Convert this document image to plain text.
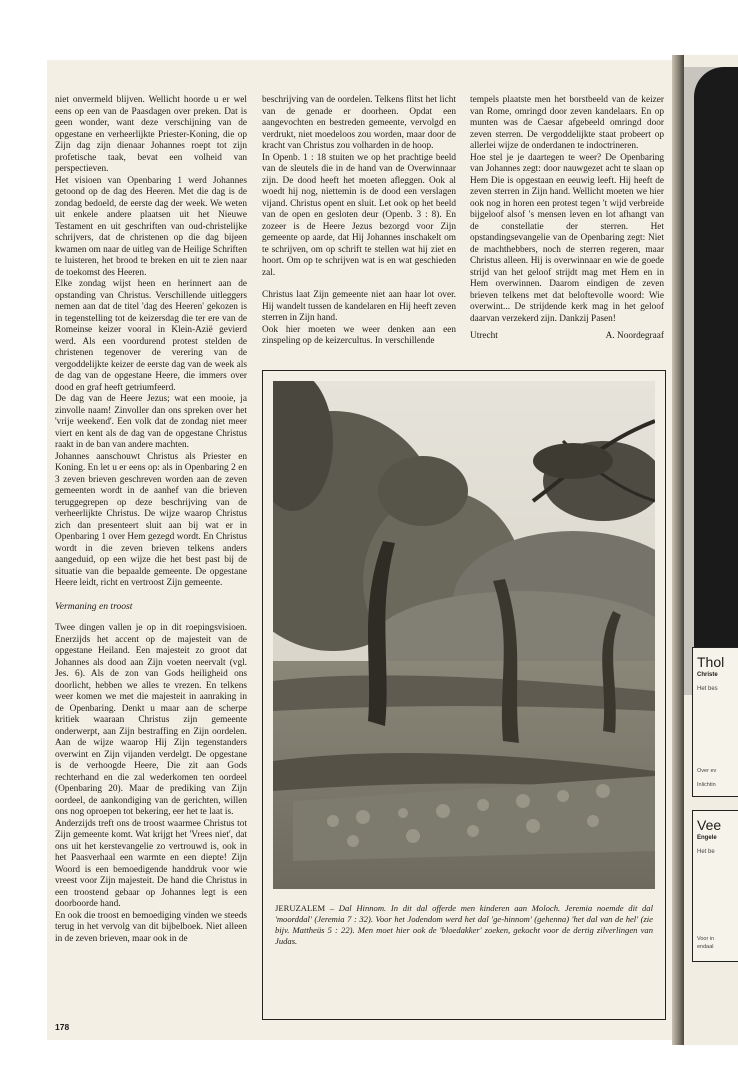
niet onvermeld blijven. Wellicht hoorde u er wel eens op een van de Paasdagen over preken. Dat is geen wonder, want deze verschijning van de opgestane en verheerlijkte Priester-Koning, die op Zijn dag zijn dienaar Johannes roept tot zijn profetische taak, bevat een volheid van perspectieven.

Het visioen van Openbaring 1 werd Johannes getoond op de dag des Heeren. Met die dag is de zondag bedoeld, de eerste dag der week. We weten uit enkele andere plaatsen uit het Nieuwe Testament en uit geschriften van oud-christelijke schrijvers, dat de christenen op die dag bijeen kwamen om naar de uitleg van de Heilige Schriften te luisteren, het brood te breken en uit te zien naar de toekomst des Heeren.

Elke zondag wijst heen en herinnert aan de opstanding van Christus. Verschillende uitleggers nemen aan dat de titel 'dag des Heeren' gekozen is in tegenstelling tot de keizersdag die ter ere van de Romeinse keizer vooral in Klein-Azië gevierd werd. Als een voordurend protest stelden de christenen tegenover de verering van de vergoddelijkte keizer de eerste dag van de week als de dag van de opgestane Heere, die immers over dood en graf heeft getriumfeerd.

De dag van de Heere Jezus; wat een mooie, ja zinvolle naam! Zinvoller dan ons spreken over het 'vrije weekend'. Een volk dat de zondag niet meer viert en kent als de dag van de opgestane Christus raakt in de ban van andere machten.

Johannes aanschouwt Christus als Priester en Koning. En let u er eens op: als in Openbaring 2 en 3 zeven brieven geschreven worden aan de zeven gemeenten wordt in de aanhef van die brieven teruggegrepen op deze beschrijving van de verheerlijkte Christus. De wijze waarop Christus zich dan presenteert sluit aan bij wat er in Openbaring 1 over Hem gezegd wordt. En Christus wordt in die zeven brieven telkens anders aangeduid, op een wijze die het best past bij de situatie van die bepaalde gemeente. De opgestane Heere leidt, richt en vertroost Zijn gemeente.

Vermaning en troost

Twee dingen vallen je op in dit roepingsvisioen. Enerzijds het accent op de majesteit van de opgestane Heiland. Een majesteit zo groot dat Johannes als dood aan Zijn voeten neervalt (vgl. Jes. 6). Als de zon van Gods heiligheid ons doorlicht, hebben we alles te vrezen. En telkens weer komen we met die majesteit in aanraking in de Openbaring. Denkt u maar aan de scherpe kritiek waaraan Christus zijn gemeente onderwerpt, aan Zijn bestraffing en Zijn oordelen. Aan de wijze waarop Hij Zijn tegenstanders overwint en Zijn vijanden verdelgt. De opgestane is de verhoogde Heere, Die zit aan Gods rechterhand en die zal wederkomen ten oordeel (Openbaring 20). Maar de prediking van Zijn oordeel, de aankondiging van de gerichten, willen ons nog oproepen tot bekering, eer het te laat is.

Anderzijds treft ons de troost waarmee Christus tot Zijn gemeente komt. Wat krijgt het 'Vrees niet', dat ons uit het kerstevangelie zo vertrouwd is, ook in het Paasverhaal een warmte en een diepte! Zijn Woord is een bemoedigende handdruk voor wie vreest voor Zijn majesteit. De hand die Christus in een troostend gebaar op Johannes legt is een doorboorde hand.

En ook die troost en bemoediging vinden we steeds terug in het vervolg van dit bijbelboek. Niet alleen in de zeven brieven, maar ook in de

beschrijving van de oordelen. Telkens flitst het licht van de genade er doorheen. Opdat een aangevochten en bestreden gemeente, vervolgd en verdrukt, niet moedeloos zou worden, maar door de kracht van Christus zou volharden in de hoop.

In Openb. 1 : 18 stuiten we op het prachtige beeld van de sleutels die in de hand van de Overwinnaar zijn. De dood heeft het moeten afleggen. Ook al woedt hij nog, niettemin is de dood een verslagen vijand. Christus opent en sluit. Let ook op het beeld van de open en gesloten deur (Openb. 3 : 8). En zozeer is de Heere Jezus bezorgd voor Zijn gemeente op aarde, dat Hij Johannes inschakelt om te schrijven, om op schrift te stellen wat hij ziet en hoort. Om op te schrijven wat is en wat geschieden zal.

Christus laat Zijn gemeente niet aan haar lot over. Hij wandelt tussen de kandelaren en Hij heeft zeven sterren in Zijn hand.

Ook hier moeten we weer denken aan een zinspeling op de keizercultus. In verschillende

tempels plaatste men het borstbeeld van de keizer van Rome, omringd door zeven kandelaars. En op munten was de Caesar afgebeeld omringd door zeven sterren. De vergoddelijkte staat probeert op allerlei wijze de onderdanen te indoctrineren.

Hoe stel je je daartegen te weer? De Openbaring van Johannes zegt: door nauwgezet acht te slaan op Hem Die is opgestaan en eeuwig leeft. Hij heeft de zeven sterren in Zijn hand. Wellicht moeten we hier ook nog in horen een protest tegen 't wijd verbreide bijgeloof alsof 's mensen leven en lot afhangt van de constellatie der sterren. Het opstandingsevangelie van de Openbaring zegt: Niet de machthebbers, noch de sterren regeren, maar Christus alleen. Hij is overwinnaar en wie de goede strijd van het geloof strijdt mag met Hem en in Hem overwinnen. Daarom eindigen de zeven brieven telkens met dat beloftevolle woord: Wie overwint... De strijdende kerk mag in het geloof daarvan verzekerd zijn. Dankzij Pasen!

Utrecht	A. Noordegraaf
JERUZALEM – Dal Hinnom. In dit dal offerde men kinderen aan Moloch. Jeremia noemde dit dal 'moorddal' (Jeremia 7 : 32). Voor het Jodendom werd het dal 'ge-hinnom' (gehenna) 'het dal van de hel' (zie bijv. Mattheüs 5 : 22). Men moet hier ook de 'bloedakker' zoeken, gekocht voor de dertig zilverlingen van Judas.
178
Thol
Christe
Het bes
Over ev
Inlichtin
Vee
Engele
Het be
Voor in
endaal
